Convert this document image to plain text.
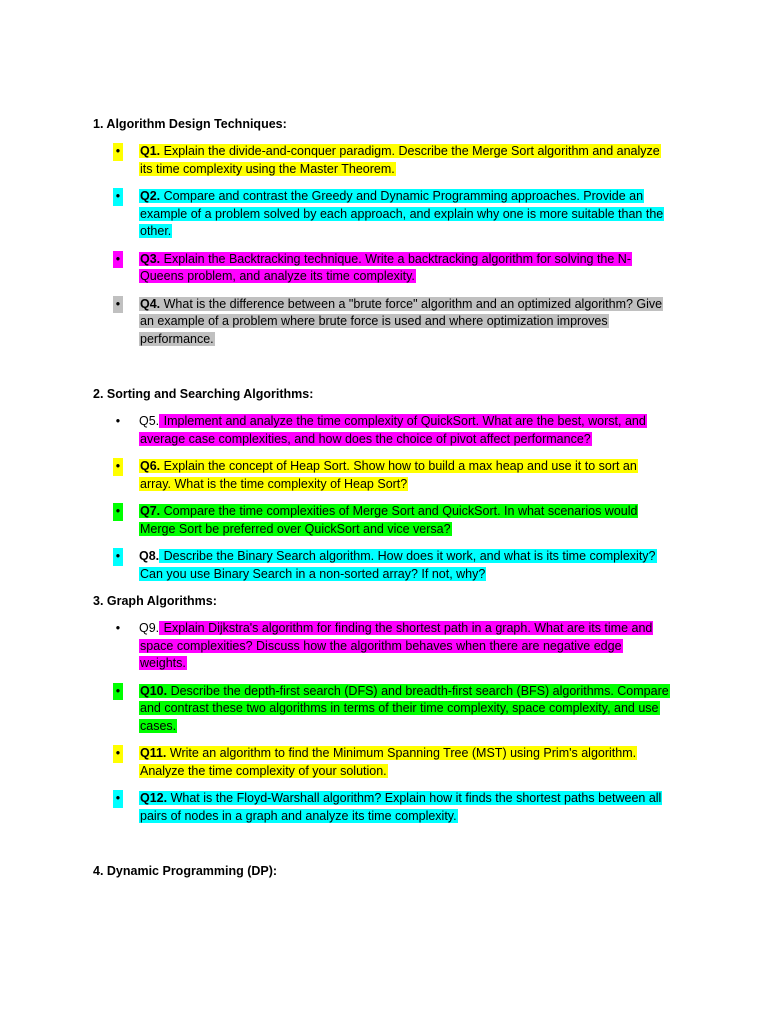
1. Algorithm Design Techniques:

• Q1. Explain the divide-and-conquer paradigm. Describe the Merge Sort algorithm and analyze its time complexity using the Master Theorem.
• Q2. Compare and contrast the Greedy and Dynamic Programming approaches. Provide an example of a problem solved by each approach, and explain why one is more suitable than the other.
• Q3. Explain the Backtracking technique. Write a backtracking algorithm for solving the N-Queens problem, and analyze its time complexity.
• Q4. What is the difference between a "brute force" algorithm and an optimized algorithm? Give an example of a problem where brute force is used and where optimization improves performance.

2. Sorting and Searching Algorithms:

• Q5. Implement and analyze the time complexity of QuickSort. What are the best, worst, and average case complexities, and how does the choice of pivot affect performance?
• Q6. Explain the concept of Heap Sort. Show how to build a max heap and use it to sort an array. What is the time complexity of Heap Sort?
• Q7. Compare the time complexities of Merge Sort and QuickSort. In what scenarios would Merge Sort be preferred over QuickSort and vice versa?
• Q8. Describe the Binary Search algorithm. How does it work, and what is its time complexity? Can you use Binary Search in a non-sorted array? If not, why?

3. Graph Algorithms:

• Q9. Explain Dijkstra's algorithm for finding the shortest path in a graph. What are its time and space complexities? Discuss how the algorithm behaves when there are negative edge weights.
• Q10. Describe the depth-first search (DFS) and breadth-first search (BFS) algorithms. Compare and contrast these two algorithms in terms of their time complexity, space complexity, and use cases.
• Q11. Write an algorithm to find the Minimum Spanning Tree (MST) using Prim's algorithm. Analyze the time complexity of your solution.
• Q12. What is the Floyd-Warshall algorithm? Explain how it finds the shortest paths between all pairs of nodes in a graph and analyze its time complexity.

4. Dynamic Programming (DP):
